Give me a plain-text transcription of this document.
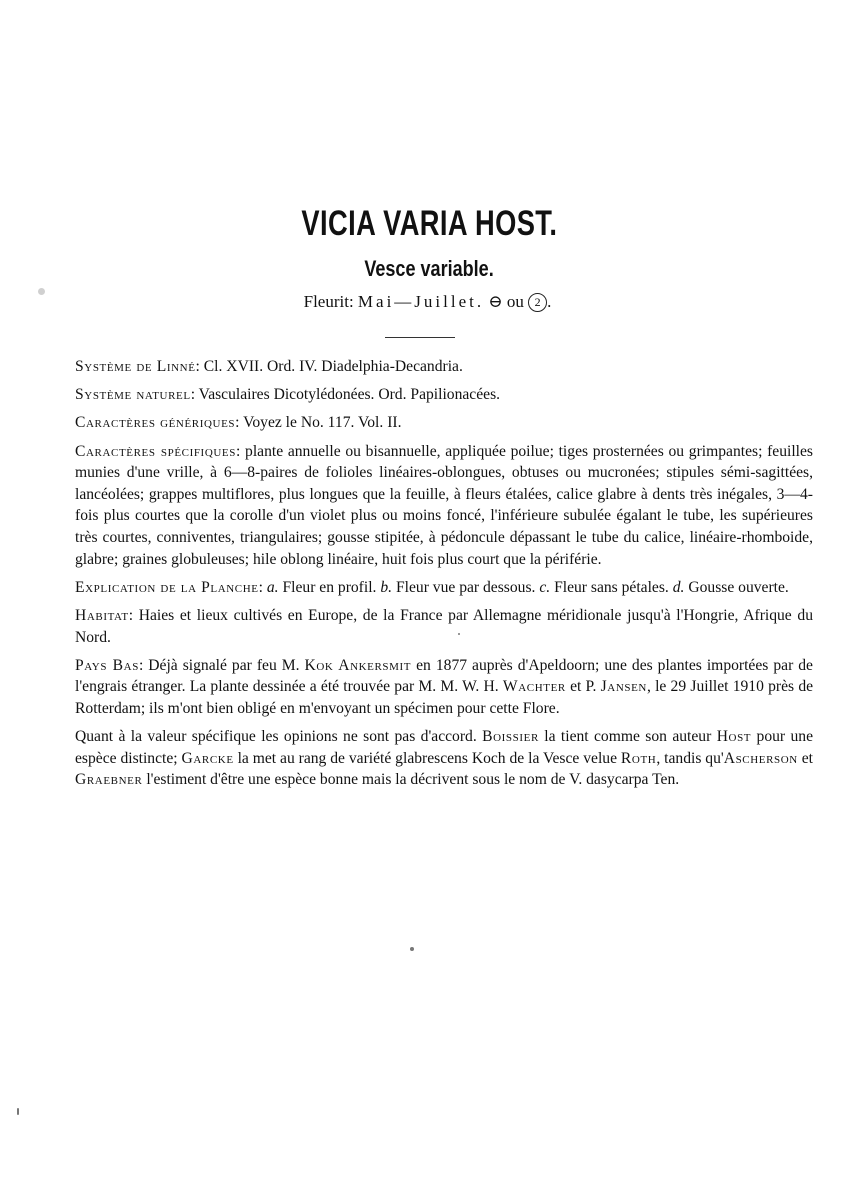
VICIA VARIA HOST.
Vesce variable.
Fleurit: Mai—Juillet. ⊖ ou 2 .

Système de Linné: Cl. XVII. Ord. IV. Diadelphia-Decandria.

Système naturel: Vasculaires Dicotylédonées. Ord. Papilionacées.

Caractères génériques: Voyez le No. 117. Vol. II.

Caractères spécifiques: plante annuelle ou bisannuelle, appliquée poilue; tiges prosternées ou grimpantes; feuilles munies d'une vrille, à 6—8-paires de folioles linéaires-oblongues, obtuses ou mucronées; stipules sémi-sagittées, lancéolées; grappes multiflores, plus longues que la feuille, à fleurs étalées, calice glabre à dents très inégales, 3—4-fois plus courtes que la corolle d'un violet plus ou moins foncé, l'inférieure subulée égalant le tube, les supérieures très courtes, conniventes, triangulaires; gousse stipitée, à pédoncule dépassant le tube du calice, linéaire-rhomboide, glabre; graines globuleuses; hile oblong linéaire, huit fois plus court que la périférie.

Explication de la Planche: a. Fleur en profil. b. Fleur vue par dessous. c. Fleur sans pétales. d. Gousse ouverte.

Habitat: Haies et lieux cultivés en Europe, de la France par Allemagne méridionale jusqu'à l'Hongrie, Afrique du Nord.

Pays Bas: Déjà signalé par feu M. Kok Ankersmit en 1877 auprès d'Apeldoorn; une des plantes importées par de l'engrais étranger. La plante dessinée a été trouvée par M. M. W. H. Wachter et P. Jansen, le 29 Juillet 1910 près de Rotterdam; ils m'ont bien obligé en m'envoyant un spécimen pour cette Flore.

Quant à la valeur spécifique les opinions ne sont pas d'accord. Boissier la tient comme son auteur Host pour une espèce distincte; Garcke la met au rang de variété glabrescens Koch de la Vesce velue Roth, tandis qu'Ascherson et Graebner l'estiment d'être une espèce bonne mais la décrivent sous le nom de V. dasycarpa Ten.
